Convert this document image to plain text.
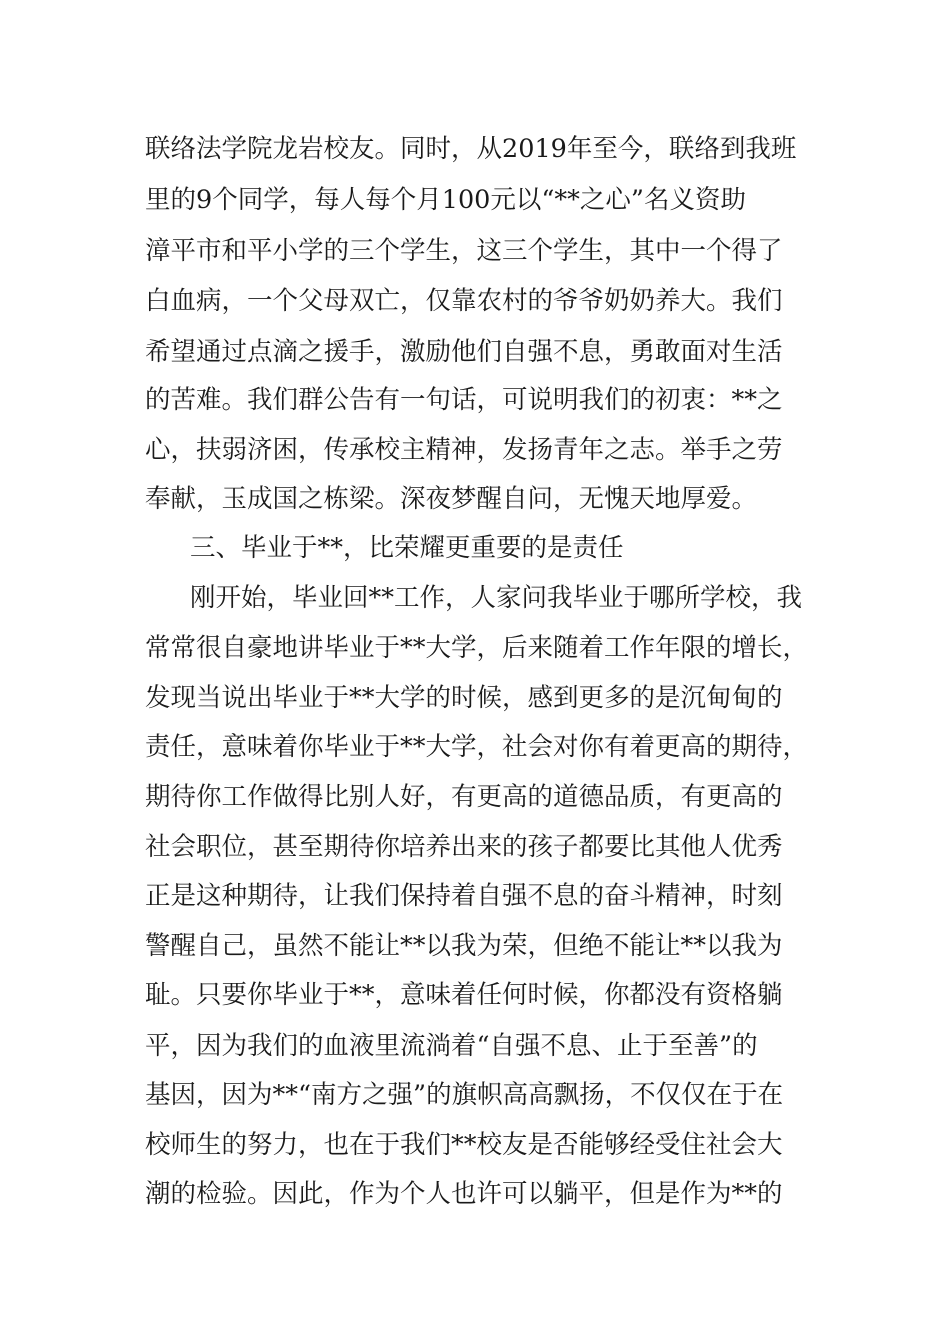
联络法学院龙岩校友。同时，从2019年至今，联络到我班
里的9个同学，每人每个月100元以“**之心”名义资助
漳平市和平小学的三个学生，这三个学生，其中一个得了
白血病，一个父母双亡，仅靠农村的爷爷奶奶养大。我们
希望通过点滴之援手，激励他们自强不息，勇敢面对生活
的苦难。我们群公告有一句话，可说明我们的初衷：**之
心，扶弱济困，传承校主精神，发扬青年之志。举手之劳
奉献，玉成国之栋梁。深夜梦醒自问，无愧天地厚爱。
三、毕业于**，比荣耀更重要的是责任
刚开始，毕业回**工作，人家问我毕业于哪所学校，我
常常很自豪地讲毕业于**大学，后来随着工作年限的增长，
发现当说出毕业于**大学的时候，感到更多的是沉甸甸的
责任，意味着你毕业于**大学，社会对你有着更高的期待，
期待你工作做得比别人好，有更高的道德品质，有更高的
社会职位，甚至期待你培养出来的孩子都要比其他人优秀
正是这种期待，让我们保持着自强不息的奋斗精神，时刻
警醒自己，虽然不能让**以我为荣，但绝不能让**以我为
耻。只要你毕业于**，意味着任何时候，你都没有资格躺
平，因为我们的血液里流淌着“自强不息、止于至善”的
基因，因为**“南方之强”的旗帜高高飘扬，不仅仅在于在
校师生的努力，也在于我们**校友是否能够经受住社会大
潮的检验。因此，作为个人也许可以躺平，但是作为**的
